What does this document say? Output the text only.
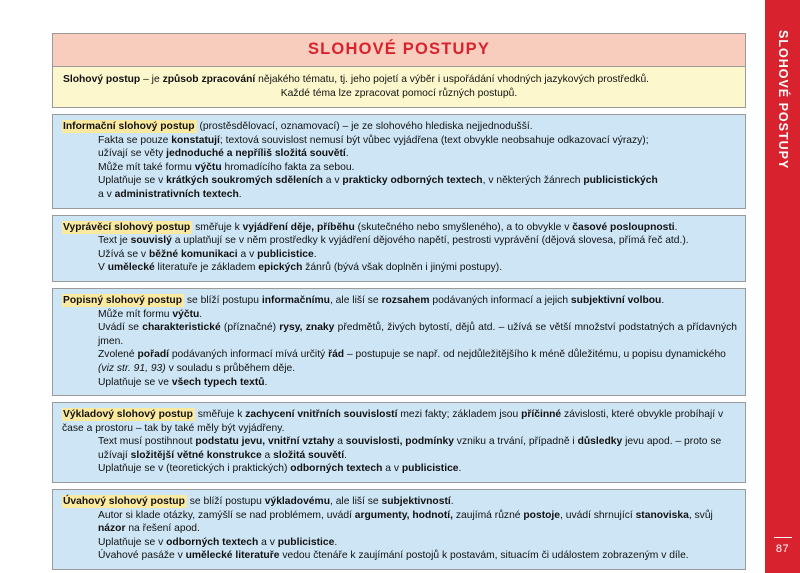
SLOHOVÉ POSTUPY
87
SLOHOVÉ POSTUPY

Slohový postup – je způsob zpracování nějakého tématu, tj. jeho pojetí a výběr i uspořádání vhodných jazykových prostředků.

Každé téma lze zpracovat pomocí různých postupů.

Informační slohový postup (prostěsdělovací, oznamovací) – je ze slohového hlediska nejjednodušší.

Fakta se pouze konstatují; textová souvislost nemusí být vůbec vyjádřena (text obvykle neobsahuje odkazovací výrazy);

užívají se věty jednoduché a nepříliš složitá souvětí.

Může mít také formu výčtu hromadícího fakta za sebou.

Uplatňuje se v krátkých soukromých sděleních a v prakticky odborných textech, v některých žánrech publicistických

a v administrativních textech.

Vyprávěcí slohový postup směřuje k vyjádření děje, příběhu (skutečného nebo smyšleného), a to obvykle v časové posloupnosti.

Text je souvislý a uplatňují se v něm prostředky k vyjádření dějového napětí, pestrosti vyprávění (dějová slovesa, přímá řeč atd.).

Užívá se v běžné komunikaci a v publicistice.

V umělecké literatuře je základem epických žánrů (bývá však doplněn i jinými postupy).

Popisný slohový postup se blíží postupu informačnímu, ale liší se rozsahem podávaných informací a jejich subjektivní volbou.

Může mít formu výčtu.

Uvádí se charakteristické (příznačné) rysy, znaky předmětů, živých bytostí, dějů atd. – užívá se větší množství podstatných a přídavných jmen.

Zvolené pořadí podávaných informací mívá určitý řád – postupuje se např. od nejdůležitějšího k méně důležitému, u popisu dynamického (viz str. 91, 93) v souladu s průběhem děje.

Uplatňuje se ve všech typech textů.

Výkladový slohový postup směřuje k zachycení vnitřních souvislostí mezi fakty; základem jsou příčinné závislosti, které obvykle probíhají v čase a prostoru – tak by také měly být vyjádřeny.

Text musí postihnout podstatu jevu, vnitřní vztahy a souvislosti, podmínky vzniku a trvání, případně i důsledky jevu apod. – proto se užívají složitější větné konstrukce a složitá souvětí.

Uplatňuje se v (teoretických i praktických) odborných textech a v publicistice.

Úvahový slohový postup se blíží postupu výkladovému, ale liší se subjektivností.

Autor si klade otázky, zamýšlí se nad problémem, uvádí argumenty, hodnotí, zaujímá různé postoje, uvádí shrnující stanoviska, svůj názor na řešení apod.

Uplatňuje se v odborných textech a v publicistice.

Úvahové pasáže v umělecké literatuře vedou čtenáře k zaujímání postojů k postavám, situacím či událostem zobrazeným v díle.
